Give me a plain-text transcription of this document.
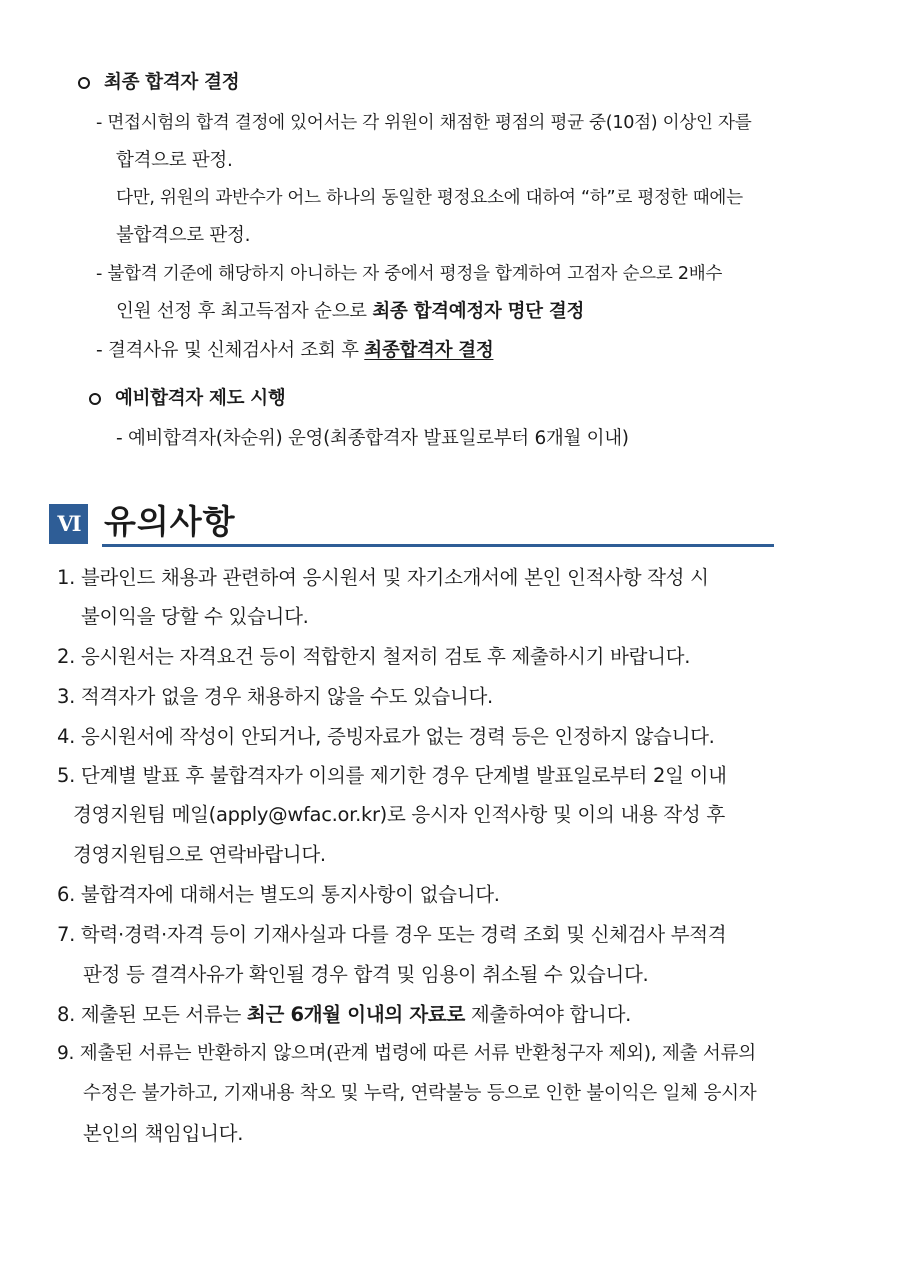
최종 합격자 결정
- 면접시험의 합격 결정에 있어서는 각 위원이 채점한 평점의 평균 중(10점) 이상인 자를
합격으로 판정.
다만, 위원의 과반수가 어느 하나의 동일한 평정요소에 대하여 “하”로 평정한 때에는
불합격으로 판정.
- 불합격 기준에 해당하지 아니하는 자 중에서 평정을 합계하여 고점자 순으로 2배수
인원 선정 후 최고득점자 순으로 최종 합격예정자 명단 결정
- 결격사유 및 신체검사서 조회 후 최종합격자 결정
예비합격자 제도 시행
- 예비합격자(차순위) 운영(최종합격자 발표일로부터 6개월 이내)
Ⅵ 유의사항
1. 블라인드 채용과 관련하여 응시원서 및 자기소개서에 본인 인적사항 작성 시
불이익을 당할 수 있습니다.
2. 응시원서는 자격요건 등이 적합한지 철저히 검토 후 제출하시기 바랍니다.
3. 적격자가 없을 경우 채용하지 않을 수도 있습니다.
4. 응시원서에 작성이 안되거나, 증빙자료가 없는 경력 등은 인정하지 않습니다.
5. 단계별 발표 후 불합격자가 이의를 제기한 경우 단계별 발표일로부터 2일 이내
경영지원팀 메일(apply@wfac.or.kr)로 응시자 인적사항 및 이의 내용 작성 후
경영지원팀으로 연락바랍니다.
6. 불합격자에 대해서는 별도의 통지사항이 없습니다.
7. 학력·경력·자격 등이 기재사실과 다를 경우 또는 경력 조회 및 신체검사 부적격
판정 등 결격사유가 확인될 경우 합격 및 임용이 취소될 수 있습니다.
8. 제출된 모든 서류는 최근 6개월 이내의 자료로 제출하여야 합니다.
9. 제출된 서류는 반환하지 않으며(관계 법령에 따른 서류 반환청구자 제외), 제출 서류의
수정은 불가하고, 기재내용 착오 및 누락, 연락불능 등으로 인한 불이익은 일체 응시자
본인의 책임입니다.
